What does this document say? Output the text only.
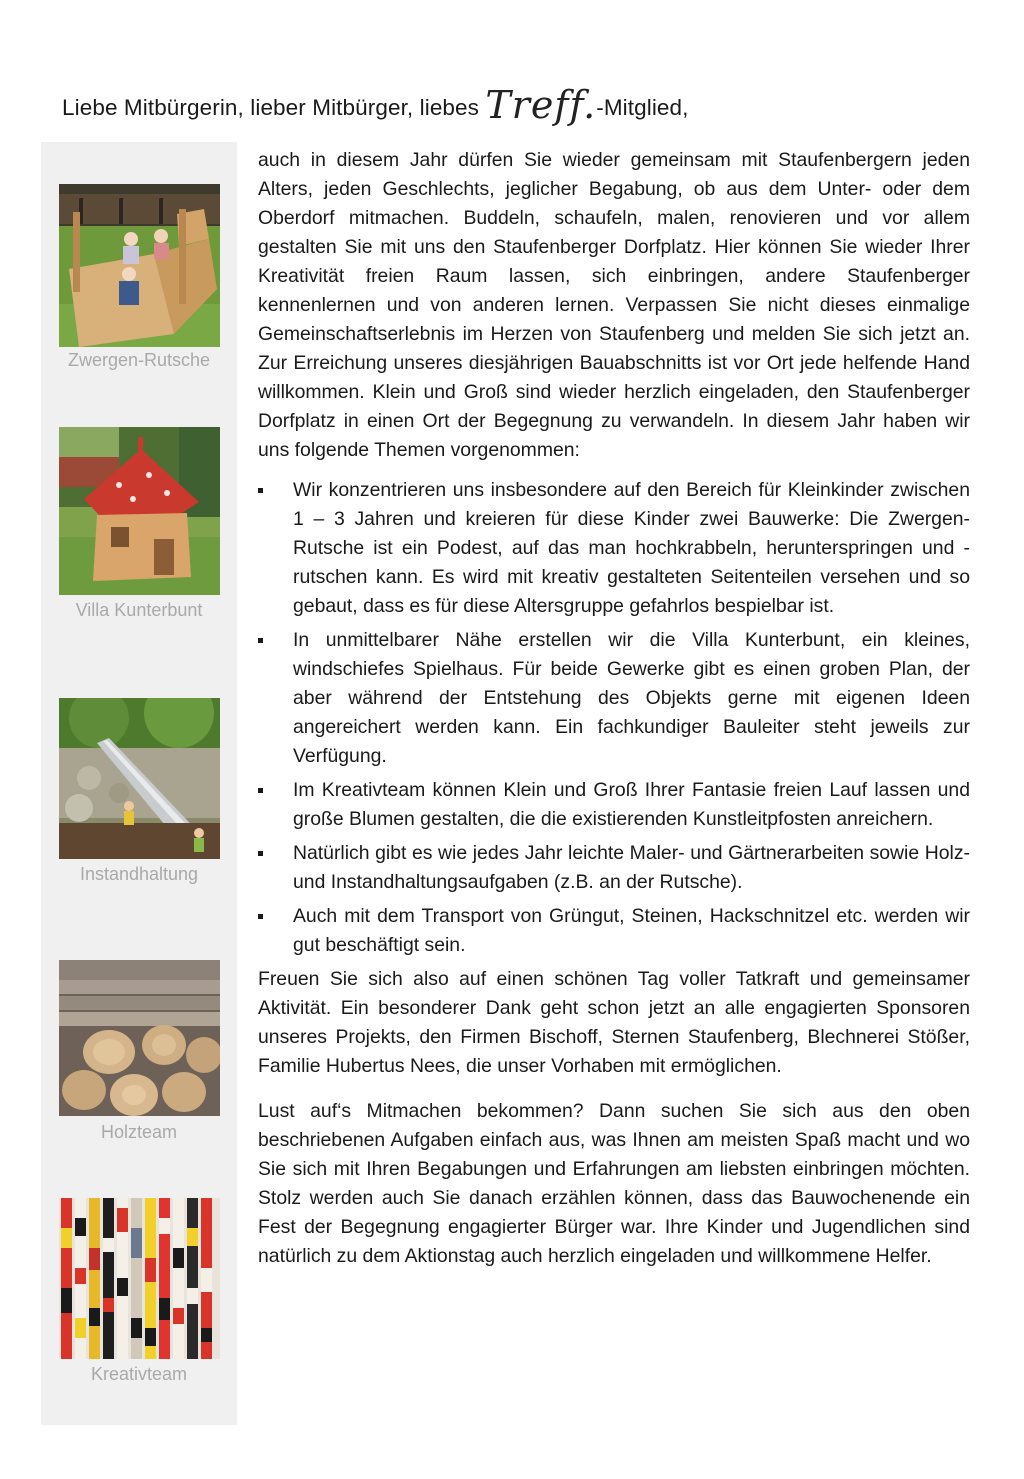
Liebe Mitbürgerin, lieber Mitbürger, liebes Treff.-Mitglied,
Zwergen-Rutsche
Villa Kunterbunt
Instandhaltung
Holzteam
Kreativteam

auch in diesem Jahr dürfen Sie wieder gemeinsam mit Staufenbergern jeden Alters, jeden Geschlechts, jeglicher Begabung, ob aus dem Unter- oder dem Oberdorf mitmachen. Buddeln, schaufeln, malen, renovieren und vor allem gestalten Sie mit uns den Staufenberger Dorfplatz. Hier können Sie wieder Ihrer Kreativität freien Raum lassen, sich einbringen, andere Staufenberger kennenlernen und von anderen lernen. Verpassen Sie nicht dieses einmalige Gemeinschaftserlebnis im Herzen von Staufenberg und melden Sie sich jetzt an. Zur Erreichung unseres diesjährigen Bauabschnitts ist vor Ort jede helfende Hand willkommen. Klein und Groß sind wieder herzlich eingeladen, den Staufenberger Dorfplatz in einen Ort der Begegnung zu verwandeln. In diesem Jahr haben wir uns folgende Themen vorgenommen:

Wir konzentrieren uns insbesondere auf den Bereich für Kleinkinder zwischen 1 – 3 Jahren und kreieren für diese Kinder zwei Bauwerke: Die Zwergen-Rutsche ist ein Podest, auf das man hochkrabbeln, herunterspringen und -rutschen kann. Es wird mit kreativ gestalteten Seitenteilen versehen und so gebaut, dass es für diese Altersgruppe gefahrlos bespielbar ist.
In unmittelbarer Nähe erstellen wir die Villa Kunterbunt, ein kleines, windschiefes Spielhaus. Für beide Gewerke gibt es einen groben Plan, der aber während der Entstehung des Objekts gerne mit eigenen Ideen angereichert werden kann. Ein fachkundiger Bauleiter steht jeweils zur Verfügung.
Im Kreativteam können Klein und Groß Ihrer Fantasie freien Lauf lassen und große Blumen gestalten, die die existierenden Kunstleitpfosten anreichern.
Natürlich gibt es wie jedes Jahr leichte Maler- und Gärtnerarbeiten sowie Holz- und Instandhaltungsaufgaben (z.B. an der Rutsche).
Auch mit dem Transport von Grüngut, Steinen, Hackschnitzel etc. werden wir gut beschäftigt sein.

Freuen Sie sich also auf einen schönen Tag voller Tatkraft und gemeinsamer Aktivität. Ein besonderer Dank geht schon jetzt an alle engagierten Sponsoren unseres Projekts, den Firmen Bischoff, Sternen Staufenberg, Blechnerei Stößer, Familie Hubertus Nees, die unser Vorhaben mit ermöglichen.

Lust auf‘s Mitmachen bekommen? Dann suchen Sie sich aus den oben beschriebenen Aufgaben einfach aus, was Ihnen am meisten Spaß macht und wo Sie sich mit Ihren Begabungen und Erfahrungen am liebsten einbringen möchten. Stolz werden auch Sie danach erzählen können, dass das Bauwochenende ein Fest der Begegnung engagierter Bürger war. Ihre Kinder und Jugendlichen sind natürlich zu dem Aktionstag auch herzlich eingeladen und willkommene Helfer.
